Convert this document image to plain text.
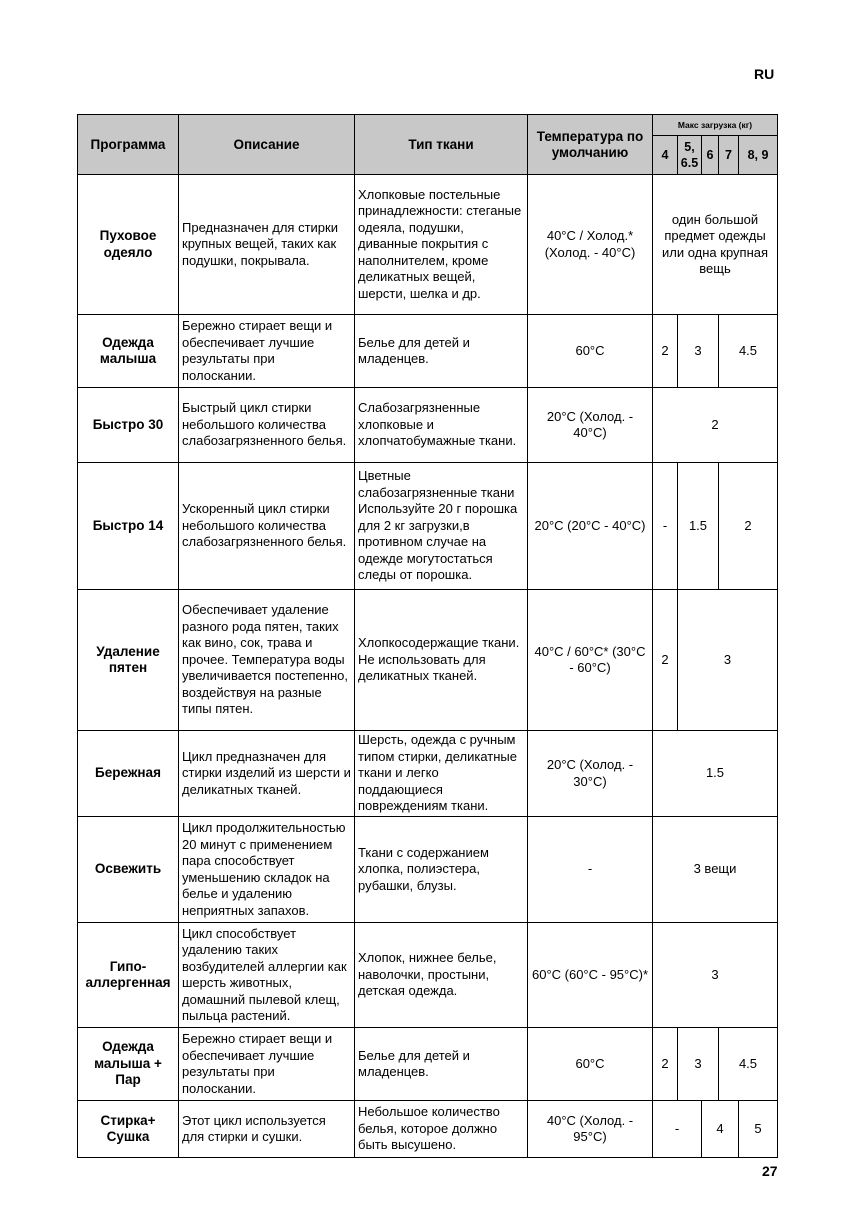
RU
Программа	Описание	Тип ткани	Температура по умолчанию	Макс загрузка (кг)				
				4	5, 6.5	6	7	8, 9
Пуховое одеяло	Предназначен для стирки крупных вещей, таких как подушки, покрывала.	Хлопковые постельные принадлежности: стеганые одеяла, подушки, диванные покрытия с наполнителем, кроме деликатных вещей, шерсти, шелка и др.	40°C / Холод.* (Холод. - 40°C)	один большой предмет одежды или одна крупная вещь				
Одежда малыша	Бережно стирает вещи и обеспечивает лучшие результаты при полоскании.	Белье для детей и младенцев.	60°C	2	3		4.5	
Быстро 30	Быстрый цикл стирки небольшого количества слабозагрязненного белья.	Слабозагрязненные хлопковые и хлопчатобумажные ткани.	20°C (Холод. - 40°C)	2				
Быстро 14	Ускоренный цикл стирки небольшого количества слабозагрязненного белья.	Цветные слабозагрязненные ткани Используйте 20 г порошка для 2 кг загрузки,в противном случае на одежде могутостаться следы от порошка.	20°C (20°C - 40°C)	-	1.5		2	
Удаление пятен	Обеспечивает удаление разного рода пятен, таких как вино, сок, трава и прочее. Температура воды увеличивается постепенно, воздействуя на разные типы пятен.	Хлопкосодержащие ткани. Не использовать для деликатных тканей.	40°C / 60°C* (30°C - 60°C)	2	3			
Бережная	Цикл предназначен для стирки изделий из шерсти и деликатных тканей.	Шерсть, одежда с ручным типом стирки, деликатные ткани и легко поддающиеся повреждениям ткани.	20°C (Холод. - 30°C)	1.5				
Освежить	Цикл продолжительностью 20 минут с применением пара способствует уменьшению складок на белье и удалению неприятных запахов.	Ткани с содержанием хлопка, полиэстера, рубашки, блузы.	-	3 вещи				
Гипо-аллергенная	Цикл способствует удалению таких возбудителей аллергии как шерсть животных, домашний пылевой клещ, пыльца растений.	Хлопок, нижнее белье, наволочки, простыни, детская одежда.	60°C (60°C - 95°C)*	3				
Одежда малыша + Пар	Бережно стирает вещи и обеспечивает лучшие результаты при полоскании.	Белье для детей и младенцев.	60°C	2	3		4.5	
Стирка+ Сушка	Этот цикл используется для стирки и сушки.	Небольшое количество белья, которое должно быть высушено.	40°C (Холод. - 95°C)	-		4		5
27
